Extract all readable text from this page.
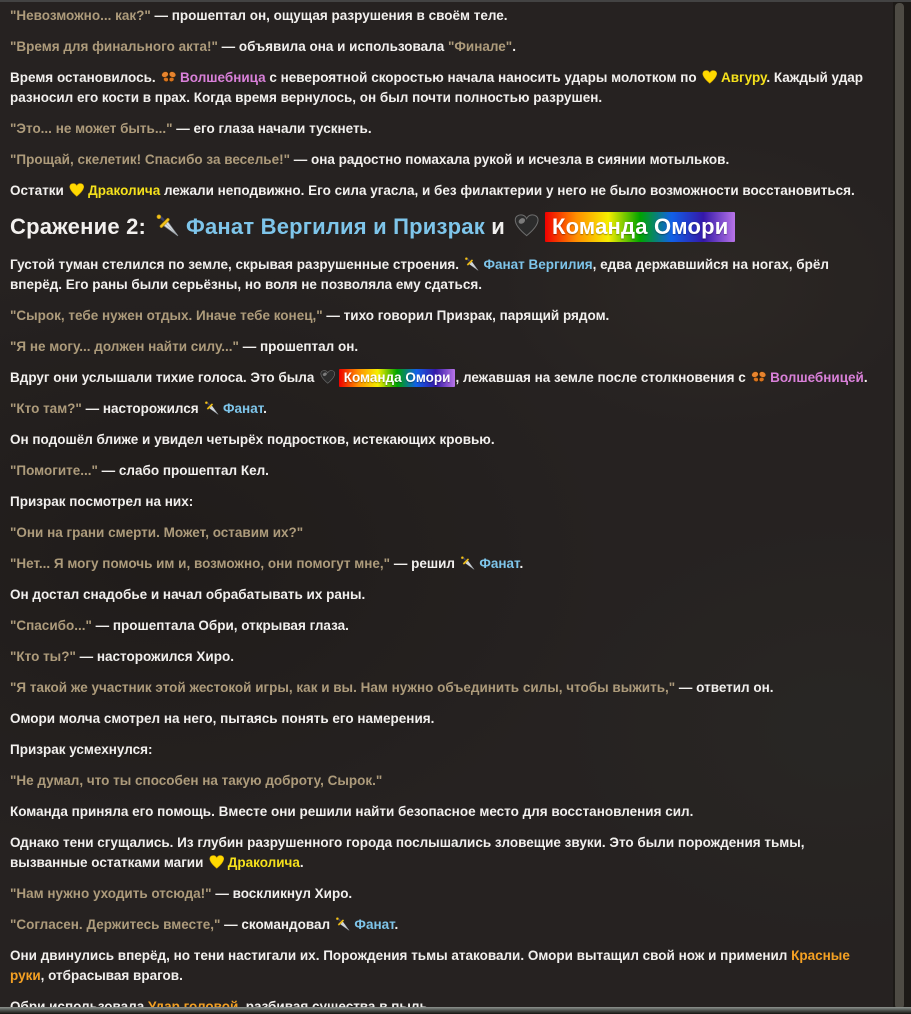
"Невозможно... как?" — прошептал он, ощущая разрушения в своём теле.

"Время для финального акта!" — объявила она и использовала "Финале".

Время остановилось.
Волшебница с невероятной скоростью начала наносить удары молотком по
Авгуру. Каждый удар разносил его кости в прах. Когда время вернулось, он был почти полностью разрушен.

"Это... не может быть..." — его глаза начали тускнеть.

"Прощай, скелетик! Спасибо за веселье!" — она радостно помахала рукой и исчезла в сиянии мотыльков.

Остатки
Драколича лежали неподвижно. Его сила угасла, и без филактерии у него не было возможности восстановиться.

Сражение 2:
Фанат Вергилия и Призрак и
Команда Омори

Густой туман стелился по земле, скрывая разрушенные строения.
Фанат Вергилия, едва державшийся на ногах, брёл вперёд. Его раны были серьёзны, но воля не позволяла ему сдаться.

"Сырок, тебе нужен отдых. Иначе тебе конец," — тихо говорил Призрак, парящий рядом.

"Я не могу... должен найти силу..." — прошептал он.

Вдруг они услышали тихие голоса. Это была
Команда Омори , лежавшая на земле после столкновения с
Волшебницей.

"Кто там?" — насторожился
Фанат.

Он подошёл ближе и увидел четырёх подростков, истекающих кровью.

"Помогите..." — слабо прошептал Кел.

Призрак посмотрел на них:

"Они на грани смерти. Может, оставим их?"

"Нет... Я могу помочь им и, возможно, они помогут мне," — решил
Фанат.

Он достал снадобье и начал обрабатывать их раны.

"Спасибо..." — прошептала Обри, открывая глаза.

"Кто ты?" — насторожился Хиро.

"Я такой же участник этой жестокой игры, как и вы. Нам нужно объединить силы, чтобы выжить," — ответил он.

Омори молча смотрел на него, пытаясь понять его намерения.

Призрак усмехнулся:

"Не думал, что ты способен на такую доброту, Сырок."

Команда приняла его помощь. Вместе они решили найти безопасное место для восстановления сил.

Однако тени сгущались. Из глубин разрушенного города послышались зловещие звуки. Это были порождения тьмы, вызванные остатками магии
Драколича.

"Нам нужно уходить отсюда!" — воскликнул Хиро.

"Согласен. Держитесь вместе," — скомандовал
Фанат.

Они двинулись вперёд, но тени настигали их. Порождения тьмы атаковали. Омори вытащил свой нож и применил Красные руки, отбрасывая врагов.
